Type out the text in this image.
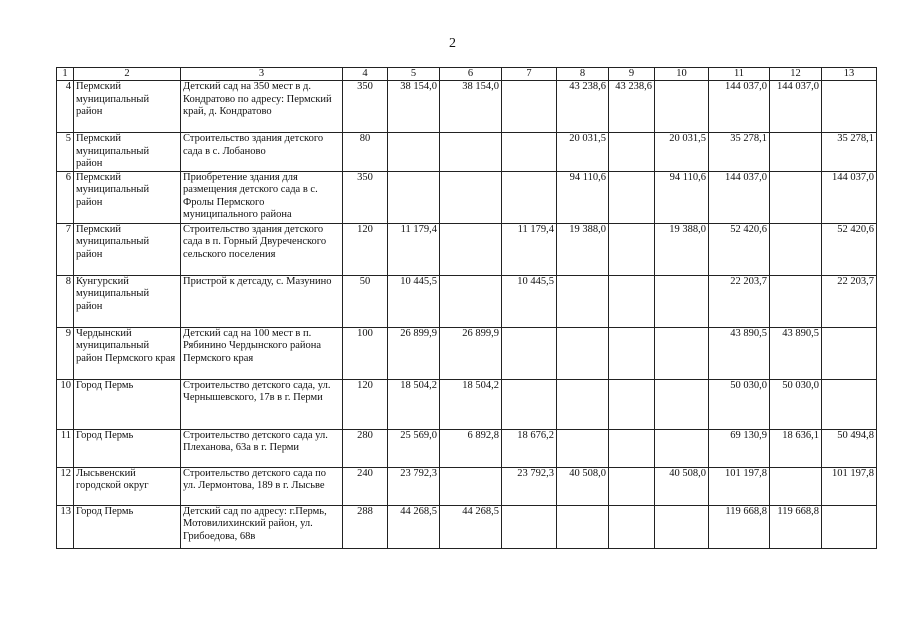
2
1	2	3	4	5	6	7	8	9	10	11	12	13
4	Пермский муниципальный район	Детский сад на 350 мест в д. Кондратово по адресу: Пермский край, д. Кондратово	350	38 154,0	38 154,0		43 238,6	43 238,6		144 037,0	144 037,0	
5	Пермский муниципальный район	Строительство здания детского сада в с. Лобаново	80				20 031,5		20 031,5	35 278,1		35 278,1
6	Пермский муниципальный район	Приобретение здания для размещения детского сада в с. Фролы Пермского муниципального района	350				94 110,6		94 110,6	144 037,0		144 037,0
7	Пермский муниципальный район	Строительство здания детского сада в п. Горный Двуреченского сельского поселения	120	11 179,4		11 179,4	19 388,0		19 388,0	52 420,6		52 420,6
8	Кунгурский муниципальный район	Пристрой к детсаду, с. Мазунино	50	10 445,5		10 445,5				22 203,7		22 203,7
9	Чердынский муниципальный район Пермского края	Детский сад на 100 мест в п. Рябинино Чердынского района Пермского края	100	26 899,9	26 899,9					43 890,5	43 890,5	
10	Город Пермь	Строительство детского сада, ул. Чернышевского, 17в в г. Перми	120	18 504,2	18 504,2					50 030,0	50 030,0	
11	Город Пермь	Строительство детского сада ул. Плеханова, 63а в г. Перми	280	25 569,0	6 892,8	18 676,2				69 130,9	18 636,1	50 494,8
12	Лысьвенский городской округ	Строительство детского сада по ул. Лермонтова, 189 в г. Лысьве	240	23 792,3		23 792,3	40 508,0		40 508,0	101 197,8		101 197,8
13	Город Пермь	Детский сад по адресу: г.Пермь, Мотовилихинский район, ул. Грибоедова, 68в	288	44 268,5	44 268,5					119 668,8	119 668,8	
